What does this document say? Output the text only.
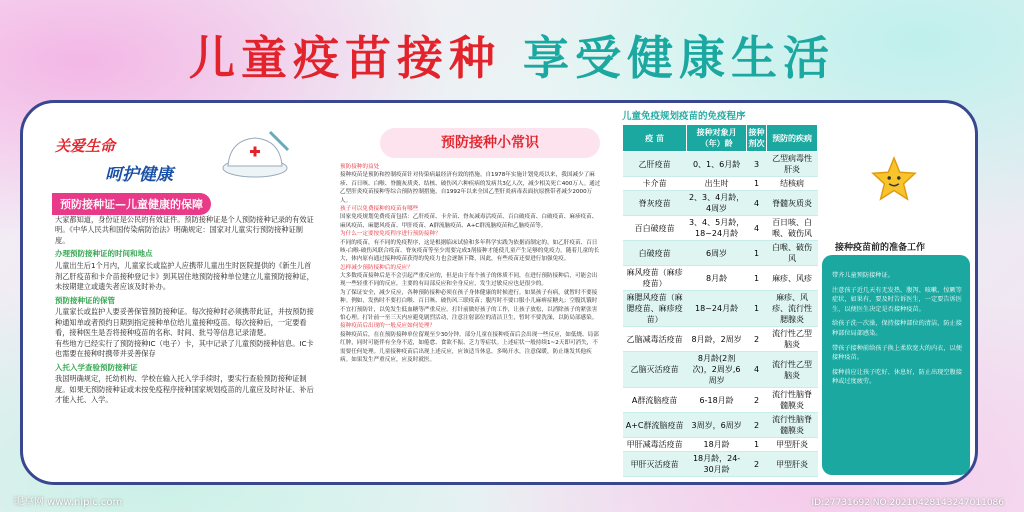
儿童疫苗接种 享受健康生活
关爱生命
呵护健康
预防接种证—儿童健康的保障

大家都知道，身份证是公民的有效证件。预防接种证是个人预防接种记录的有效证明。《中华人民共和国传染病防治法》明确规定：国家对儿童实行预防接种证制度。

办理预防接种证的时间和地点

儿童出生后1个月内，儿童家长或监护人应携带儿童出生时医院提供的《新生儿首剂乙肝疫苗和卡介苗接种登记卡》到其居住地预防接种单位建立儿童预防接种证，未按期建立或遗失者应该及时补办。

预防接种证的保管

儿童家长或监护人要妥善保管预防接种证。每次接种时必须携带此证，并按预防接种通知单或者预约日期到指定接种单位给儿童接种疫苗。每次接种后，一定要看看，接种医生是否将接种疫苗的名称、时间、批号等信息记录清楚。

有些地方已经实行了预防接种IC（电子）卡，其中记录了儿童预防接种信息。IC卡也需要在接种时携带并妥善保存

入托入学查验预防接种证

我国明确规定，托幼机构、学校在输入托入学手续时，要实行查验预防接种证制度。如果无预防接种证或未按免疫程序接种国家规划疫苗的儿童应及时补证、补后才能入托、入学。

预防接种小常识
预防接种的益处

接种疫苗是预防和控制疫苗针对传染病最经济有效的措施。自1978年实施计划免疫以来，我国减少了麻疹、百日咳、白喉、脊髓灰质炎、结核、破伤风六种疾病的发病共3亿人次，减少相关死亡400万人。通过乙型肝炎疫苗接种等综合预防控制措施，自1992年以来全国乙型肝炎病毒表面抗原携带者减少2000万人。

孩子可以免费接种的疫苗有哪些

国家免疫规划免费疫苗包括：乙肝疫苗、卡介苗、脊灰减毒活疫苗、百白破疫苗、白破疫苗、麻疹疫苗、麻风疫苗、麻腮风疫苗、甲肝疫苗、A群流脑疫苗、A+C群流脑疫苗和乙脑疫苗等。

为什么一定要按免疫程序进行预防接种？

不同的疫苗，有不同的免疫程序，这是根据临床试验和多年科学实践为依据而制定的。如乙肝疫苗、百日咳-白喉-破伤风联合疫苗、脊灰疫苗等至少需要完成3剂接种才能使儿童产生足够的免疫力。随着儿童的长大，体内原有通过接种疫苗获得的免疫力也会逐渐下降，因此，有些疫苗还要进行加强免疫。

怎样减少预防接种后的反应？

大多数疫苗接种后是不会引起严重反应的，但是由于每个孩子的体质不同，在进行预防接种后，可能会出现一些轻重不同的反应，主要的有局部反应和全身反应，发生过敏反应也是很少的。

为了保证安全，减少反应，各种预防接种必须在孩子身体健康的时候进行。如果孩子有病，就暂时不要接种。例如，发热时不要打白喉、百日咳、破伤风三联疫苗；腹泻时不要口服小儿麻痹症糖丸；空腹饥饿时不宜打预防针，以免发生低血糖等严重反应。打针前做好孩子的工作，让孩子放松，以消除孩子的紧张害怕心理。打针前一至三天内应避免剧烈活动，注意注射部位的清洁卫生，暂时不要洗澡，以防局部感染。

接种疫苗后出现的一般反应如何处理？

接种疫苗后，在在预防接种单位留观至少30分钟。部分儿童在接种疫苗后会出现一些反应，如低烧、局部红肿，同时可能伴有全身不适，如倦怠、食欲不振、乏力等症状。上述症状一般持续1~2天即可消失，不需要任何处理。儿童接种疫苗后出现上述反应，应该适当休息，多喝开水，注意保暖，防止继发其他疾病。如果发生严重反应，应及时就医。

儿童免疫规划疫苗的免疫程序
疫 苗	接种对象月（年）龄	接种剂次	预防的疾病
乙肝疫苗	0、1、6月龄	3	乙型病毒性肝炎
卡介苗	出生时	1	结核病
脊灰疫苗	2、3、4月龄，4周岁	4	脊髓灰质炎
百白破疫苗	3、4、5月龄，18~24月龄	4	百日咳、白喉、破伤风
白破疫苗	6周岁	1	白喉、破伤风
麻风疫苗（麻疹疫苗）	8月龄	1	麻疹、风疹
麻腮风疫苗（麻腮疫苗、麻疹疫苗）	18~24月龄	1	麻疹、风疹、流行性腮腺炎
乙脑减毒活疫苗	8月龄，2周岁	2	流行性乙型脑炎
乙脑灭活疫苗	8月龄(2剂次)，2周岁,6周岁	4	流行性乙型脑炎
A群流脑疫苗	6-18月龄	2	流行性脑脊髓膜炎
A+C群流脑疫苗	3周岁，6周岁	2	流行性脑脊髓膜炎
甲肝减毒活疫苗	18月龄	1	甲型肝炎
甲肝灭活疫苗	18月龄，24-30月龄	2	甲型肝炎
接种疫苗前的准备工作

带齐儿童预防接种证。

注意孩子近几天有无发热、腹泻、咳嗽、惊厥等症状，如果有，要及时告诉医生，一定要告诉医生，以便医生决定是否接种疫苗。

给孩子洗一次澡，保持接种部位的清洁，防止接种部位局部感染。

带孩子接种前给孩子换上柔软宽大的内衣，以便接种疫苗。

接种前应让孩子吃好、休息好，防止出现空腹接种或过度疲劳。

昵享网 www.nipic.com	ID:27731692 NO:20210428143247011086
